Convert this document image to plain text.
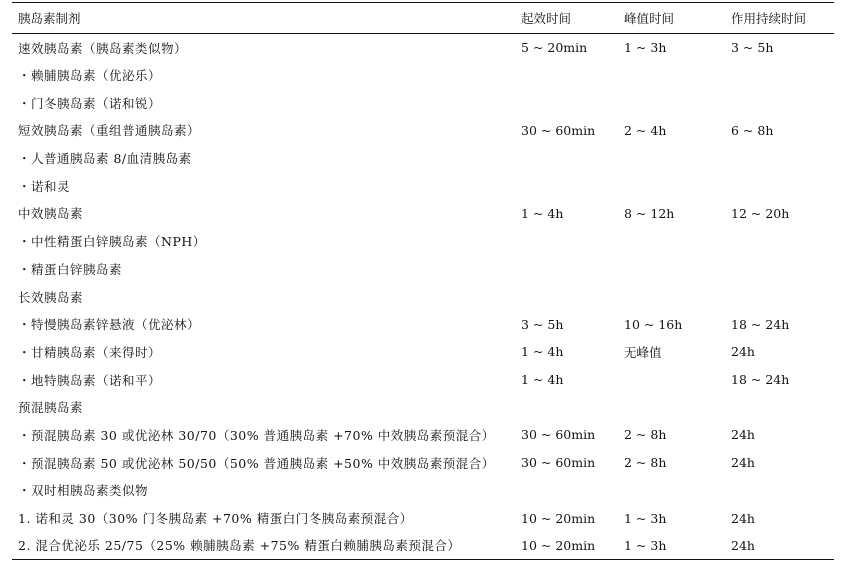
胰岛素制剂	起效时间	峰值时间	作用持续时间
速效胰岛素（胰岛素类似物）	5 ~ 20min	1 ~ 3h	3 ~ 5h
・赖脯胰岛素（优泌乐）			
・门冬胰岛素（诺和锐）			
短效胰岛素（重组普通胰岛素）	30 ~ 60min	2 ~ 4h	6 ~ 8h
・人普通胰岛素 8/血清胰岛素			
・诺和灵			
中效胰岛素	1 ~ 4h	8 ~ 12h	12 ~ 20h
・中性精蛋白锌胰岛素（NPH）			
・精蛋白锌胰岛素			
长效胰岛素			
・特慢胰岛素锌悬液（优泌林）	3 ~ 5h	10 ~ 16h	18 ~ 24h
・甘精胰岛素（来得时）	1 ~ 4h	无峰值	24h
・地特胰岛素（诺和平）	1 ~ 4h		18 ~ 24h
预混胰岛素			
・预混胰岛素 30 或优泌林 30/70（30% 普通胰岛素 +70% 中效胰岛素预混合）	30 ~ 60min	2 ~ 8h	24h
・预混胰岛素 50 或优泌林 50/50（50% 普通胰岛素 +50% 中效胰岛素预混合）	30 ~ 60min	2 ~ 8h	24h
・双时相胰岛素类似物			
1. 诺和灵 30（30% 门冬胰岛素 +70% 精蛋白门冬胰岛素预混合）	10 ~ 20min	1 ~ 3h	24h
2. 混合优泌乐 25/75（25% 赖脯胰岛素 +75% 精蛋白赖脯胰岛素预混合）	10 ~ 20min	1 ~ 3h	24h
